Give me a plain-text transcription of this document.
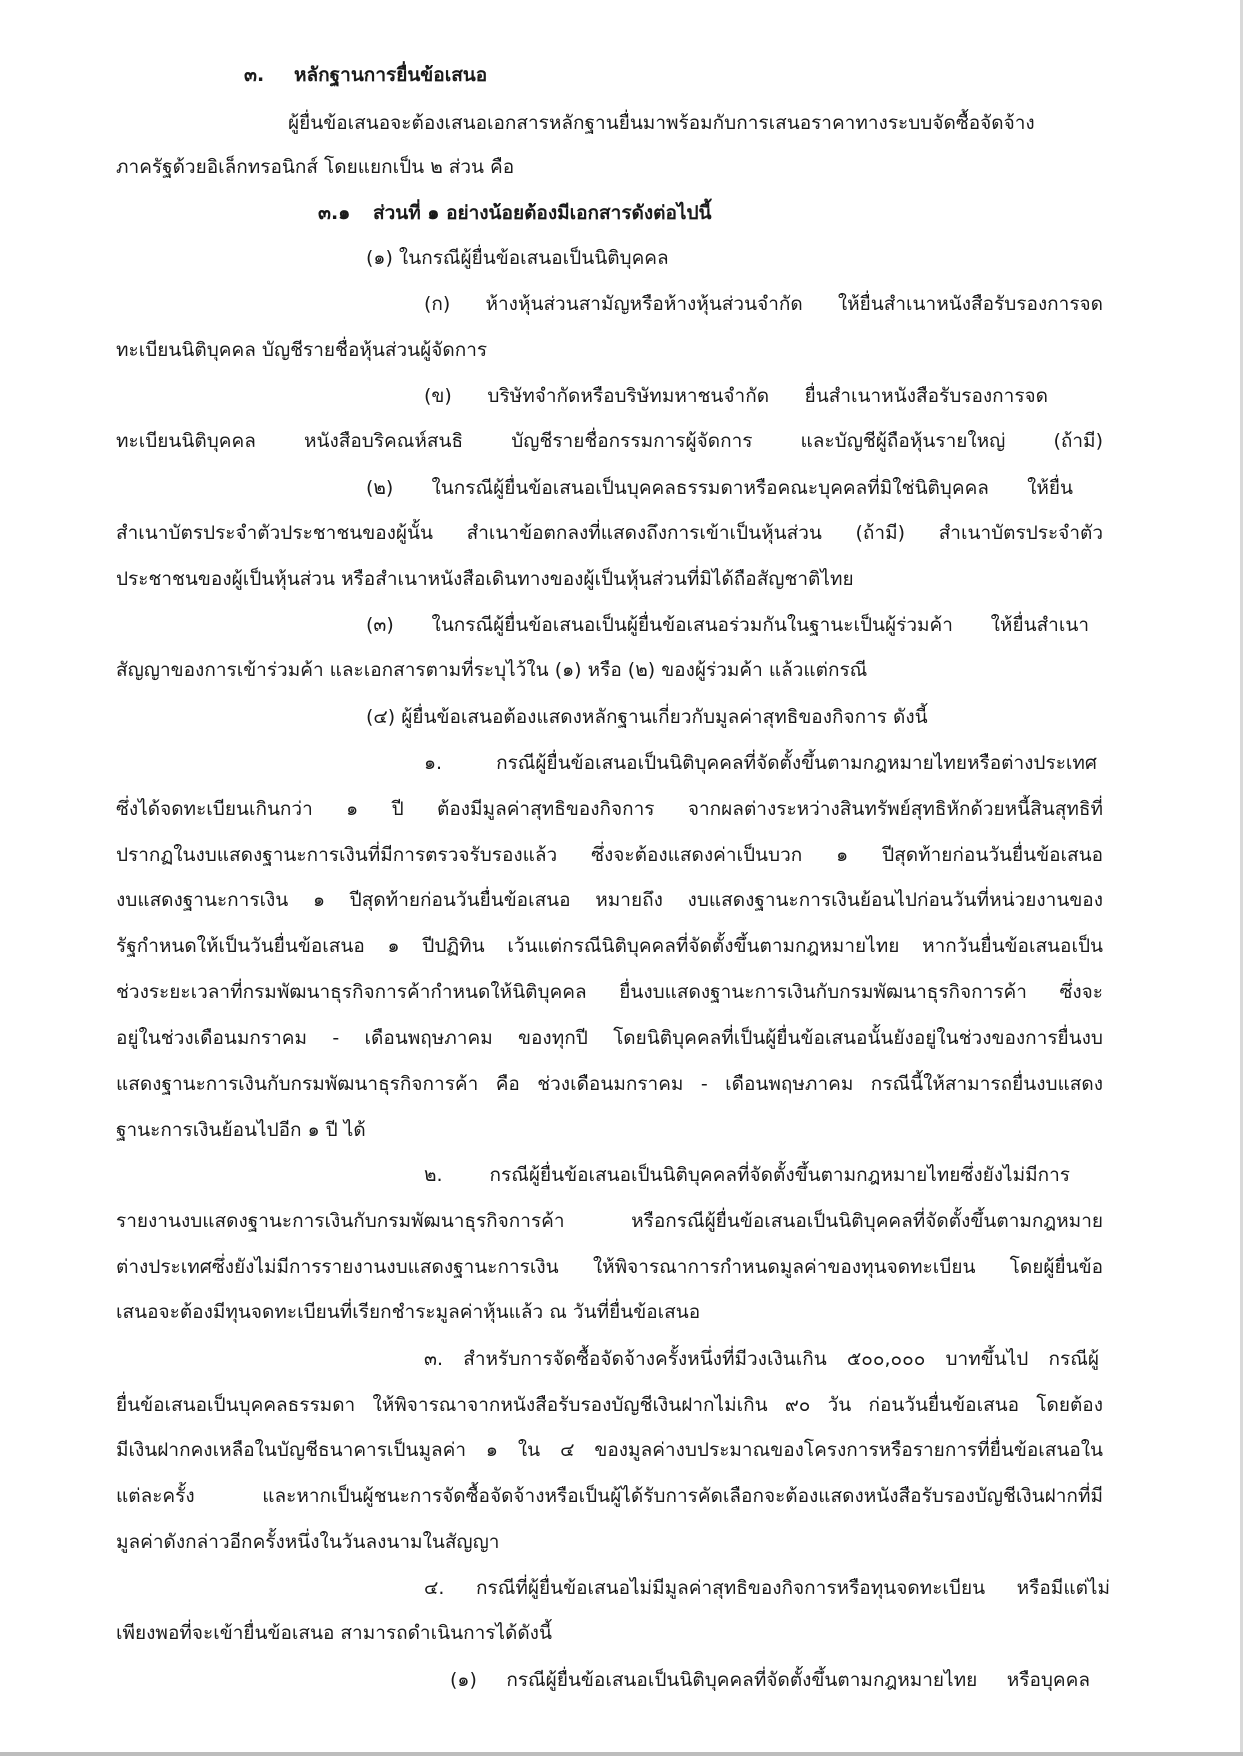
๓. หลักฐานการยื่นข้อเสนอ
ผู้ยื่นข้อเสนอจะต้องเสนอเอกสารหลักฐานยื่นมาพร้อมกับการเสนอราคาทางระบบจัดซื้อจัดจ้าง
ภาครัฐด้วยอิเล็กทรอนิกส์ โดยแยกเป็น ๒ ส่วน คือ
๓.๑ ส่วนที่ ๑ อย่างน้อยต้องมีเอกสารดังต่อไปนี้
(๑) ในกรณีผู้ยื่นข้อเสนอเป็นนิติบุคคล
(ก) ห้างหุ้นส่วนสามัญหรือห้างหุ้นส่วนจำกัด ให้ยื่นสำเนาหนังสือรับรองการจด
ทะเบียนนิติบุคคล บัญชีรายชื่อหุ้นส่วนผู้จัดการ
(ข) บริษัทจำกัดหรือบริษัทมหาชนจำกัด ยื่นสำเนาหนังสือรับรองการจด
ทะเบียนนิติบุคคล หนังสือบริคณห์สนธิ บัญชีรายชื่อกรรมการผู้จัดการ และบัญชีผู้ถือหุ้นรายใหญ่ (ถ้ามี)
(๒) ในกรณีผู้ยื่นข้อเสนอเป็นบุคคลธรรมดาหรือคณะบุคคลที่มิใช่นิติบุคคล ให้ยื่น
สำเนาบัตรประจำตัวประชาชนของผู้นั้น สำเนาข้อตกลงที่แสดงถึงการเข้าเป็นหุ้นส่วน (ถ้ามี) สำเนาบัตรประจำตัว
ประชาชนของผู้เป็นหุ้นส่วน หรือสำเนาหนังสือเดินทางของผู้เป็นหุ้นส่วนที่มิได้ถือสัญชาติไทย
(๓) ในกรณีผู้ยื่นข้อเสนอเป็นผู้ยื่นข้อเสนอร่วมกันในฐานะเป็นผู้ร่วมค้า ให้ยื่นสำเนา
สัญญาของการเข้าร่วมค้า และเอกสารตามที่ระบุไว้ใน (๑) หรือ (๒) ของผู้ร่วมค้า แล้วแต่กรณี
(๔) ผู้ยื่นข้อเสนอต้องแสดงหลักฐานเกี่ยวกับมูลค่าสุทธิของกิจการ ดังนี้
๑. กรณีผู้ยื่นข้อเสนอเป็นนิติบุคคลที่จัดตั้งขึ้นตามกฎหมายไทยหรือต่างประเทศ
ซึ่งได้จดทะเบียนเกินกว่า ๑ ปี ต้องมีมูลค่าสุทธิของกิจการ จากผลต่างระหว่างสินทรัพย์สุทธิหักด้วยหนี้สินสุทธิที่
ปรากฏในงบแสดงฐานะการเงินที่มีการตรวจรับรองแล้ว ซึ่งจะต้องแสดงค่าเป็นบวก ๑ ปีสุดท้ายก่อนวันยื่นข้อเสนอ
งบแสดงฐานะการเงิน ๑ ปีสุดท้ายก่อนวันยื่นข้อเสนอ หมายถึง งบแสดงฐานะการเงินย้อนไปก่อนวันที่หน่วยงานของ
รัฐกำหนดให้เป็นวันยื่นข้อเสนอ ๑ ปีปฏิทิน เว้นแต่กรณีนิติบุคคลที่จัดตั้งขึ้นตามกฎหมายไทย หากวันยื่นข้อเสนอเป็น
ช่วงระยะเวลาที่กรมพัฒนาธุรกิจการค้ากำหนดให้นิติบุคคล ยื่นงบแสดงฐานะการเงินกับกรมพัฒนาธุรกิจการค้า ซึ่งจะ
อยู่ในช่วงเดือนมกราคม - เดือนพฤษภาคม ของทุกปี โดยนิติบุคคลที่เป็นผู้ยื่นข้อเสนอนั้นยังอยู่ในช่วงของการยื่นงบ
แสดงฐานะการเงินกับกรมพัฒนาธุรกิจการค้า คือ ช่วงเดือนมกราคม - เดือนพฤษภาคม กรณีนี้ให้สามารถยื่นงบแสดง
ฐานะการเงินย้อนไปอีก ๑ ปี ได้
๒. กรณีผู้ยื่นข้อเสนอเป็นนิติบุคคลที่จัดตั้งขึ้นตามกฎหมายไทยซึ่งยังไม่มีการ
รายงานงบแสดงฐานะการเงินกับกรมพัฒนาธุรกิจการค้า หรือกรณีผู้ยื่นข้อเสนอเป็นนิติบุคคลที่จัดตั้งขึ้นตามกฎหมาย
ต่างประเทศซึ่งยังไม่มีการรายงานงบแสดงฐานะการเงิน ให้พิจารณาการกำหนดมูลค่าของทุนจดทะเบียน โดยผู้ยื่นข้อ
เสนอจะต้องมีทุนจดทะเบียนที่เรียกชำระมูลค่าหุ้นแล้ว ณ วันที่ยื่นข้อเสนอ
๓. สำหรับการจัดซื้อจัดจ้างครั้งหนึ่งที่มีวงเงินเกิน ๕๐๐,๐๐๐ บาทขึ้นไป กรณีผู้
ยื่นข้อเสนอเป็นบุคคลธรรมดา ให้พิจารณาจากหนังสือรับรองบัญชีเงินฝากไม่เกิน ๙๐ วัน ก่อนวันยื่นข้อเสนอ โดยต้อง
มีเงินฝากคงเหลือในบัญชีธนาคารเป็นมูลค่า ๑ ใน ๔ ของมูลค่างบประมาณของโครงการหรือรายการที่ยื่นข้อเสนอใน
แต่ละครั้ง และหากเป็นผู้ชนะการจัดซื้อจัดจ้างหรือเป็นผู้ได้รับการคัดเลือกจะต้องแสดงหนังสือรับรองบัญชีเงินฝากที่มี
มูลค่าดังกล่าวอีกครั้งหนึ่งในวันลงนามในสัญญา
๔. กรณีที่ผู้ยื่นข้อเสนอไม่มีมูลค่าสุทธิของกิจการหรือทุนจดทะเบียน หรือมีแต่ไม่
เพียงพอที่จะเข้ายื่นข้อเสนอ สามารถดำเนินการได้ดังนี้
(๑) กรณีผู้ยื่นข้อเสนอเป็นนิติบุคคลที่จัดตั้งขึ้นตามกฎหมายไทย หรือบุคคล
